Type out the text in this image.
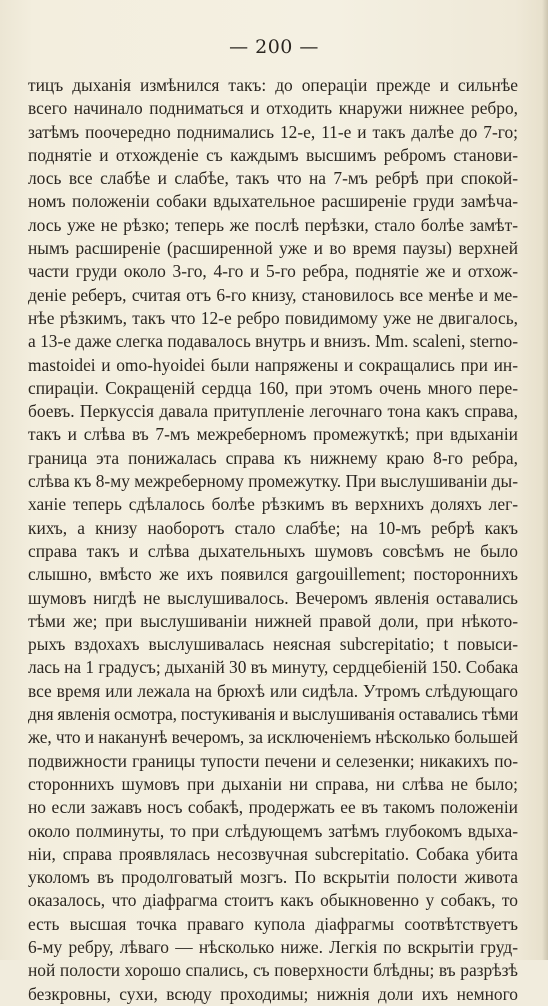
— 200 —
тицъ дыханія измѣнился такъ: до операціи прежде и сильнѣе
всего начинало подниматься и отходить кнаружи нижнее ребро,
затѣмъ поочередно поднимались 12-е, 11-е и такъ далѣе до 7-го;
поднятіе и отхожденіе съ каждымъ высшимъ ребромъ станови-
лось все слабѣе и слабѣе, такъ что на 7-мъ ребрѣ при спокой-
номъ положеніи собаки вдыхательное расширеніе груди замѣча-
лось уже не рѣзко; теперь же послѣ перѣзки, стало болѣе замѣт-
нымъ расширеніе (расширенной уже и во время паузы) верхней
части груди около 3-го, 4-го и 5-го ребра, поднятіе же и отхож-
деніе реберъ, считая отъ 6-го книзу, становилось все менѣе и ме-
нѣе рѣзкимъ, такъ что 12-е ребро повидимому уже не двигалось,
а 13-е даже слегка подавалось внутрь и внизъ. Mm. scaleni, sterno-
mastoidei и omo-hyoidei были напряжены и сокращались при ин-
спираціи. Сокращеній сердца 160, при этомъ очень много пере-
боевъ. Перкуссія давала притупленіе легочнаго тона какъ справа,
такъ и слѣва въ 7-мъ межреберномъ промежуткѣ; при вдыханіи
граница эта понижалась справа къ нижнему краю 8-го ребра,
слѣва къ 8-му межреберному промежутку. При выслушиваніи ды-
ханіе теперь сдѣлалось болѣе рѣзкимъ въ верхнихъ доляхъ лег-
кихъ, а книзу наоборотъ стало слабѣе; на 10-мъ ребрѣ какъ
справа такъ и слѣва дыхательныхъ шумовъ совсѣмъ не было
слышно, вмѣсто же ихъ появился gargouillement; постороннихъ
шумовъ нигдѣ не выслушивалось. Вечеромъ явленія оставались
тѣми же; при выслушиваніи нижней правой доли, при нѣкото-
рыхъ вздохахъ выслушивалась неясная subcrepitatio; t повыси-
лась на 1 градусъ; дыханій 30 въ минуту, сердцебіеній 150. Собака
все время или лежала на брюхѣ или сидѣла. Утромъ слѣдующаго
дня явленія осмотра, постукиванія и выслушиванія оставались тѣми
же, что и наканунѣ вечеромъ, за исключеніемъ нѣсколько большей
подвижности границы тупости печени и селезенки; никакихъ по-
стороннихъ шумовъ при дыханіи ни справа, ни слѣва не было;
но если зажавъ носъ собакѣ, продержать ее въ такомъ положеніи
около полминуты, то при слѣдующемъ затѣмъ глубокомъ вдыха-
ніи, справа проявлялась несозвучная subcrepitatio. Собака убита
уколомъ въ продолговатый мозгъ. По вскрытіи полости живота
оказалось, что діафрагма стоитъ какъ обыкновенно у собакъ, то
есть высшая точка праваго купола діафрагмы соотвѣтствуетъ
6-му ребру, лѣваго — нѣсколько ниже. Легкія по вскрытіи груд-
ной полости хорошо спались, съ поверхности блѣдны; въ разрѣзѣ
безкровны, сухи, всюду проходимы; нижнія доли ихъ немного
